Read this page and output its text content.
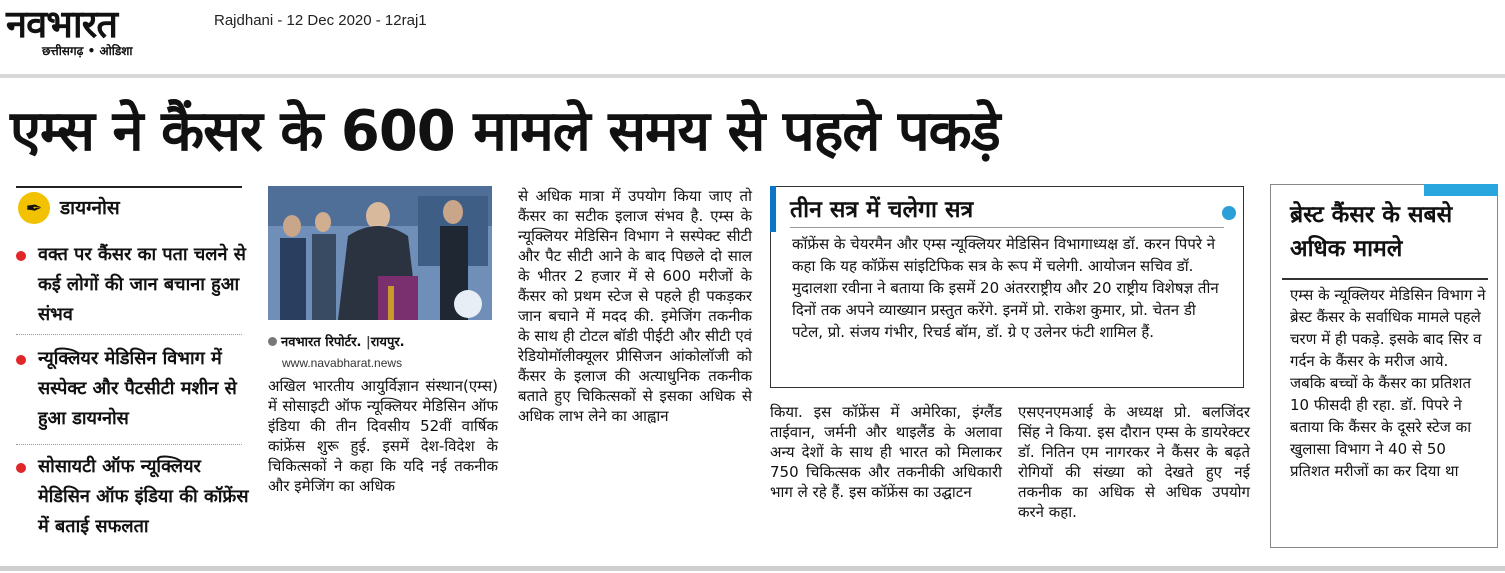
नवभारत
छत्तीसगढ़ • ओडिशा
Rajdhani - 12 Dec 2020 - 12raj1
एम्स ने कैंसर के 600 मामले समय से पहले पकड़े
✒ डायग्नोस
वक्त पर कैंसर का पता चलने से कई लोगों की जान बचाना हुआ संभव
न्यूक्लियर मेडिसिन विभाग में सस्पेक्ट और पैटसीटी मशीन से हुआ डायग्नोस
सोसायटी ऑफ न्यूक्लियर मेडिसिन ऑफ इंडिया की कॉफ्रेंस में बताई सफलता
नवभारत रिपोर्टर. |रायपुर.
www.navabharat.news

अखिल भारतीय आयुर्विज्ञान संस्थान(एम्स) में सोसाइटी ऑफ न्यूक्लियर मेडिसिन ऑफ इंडिया की तीन दिवसीय 52वीं वार्षिक कांफ्रेंस शुरू हुई. इसमें देश-विदेश के चिकित्सकों ने कहा कि यदि नई तकनीक और इमेजिंग का अधिक

से अधिक मात्रा में उपयोग किया जाए तो कैंसर का सटीक इलाज संभव है. एम्स के न्यूक्लियर मेडिसिन विभाग ने सस्पेक्ट सीटी और पैट सीटी आने के बाद पिछले दो साल के भीतर 2 हजार में से 600 मरीजों के कैंसर को प्रथम स्टेज से पहले ही पकड़कर जान बचाने में मदद की. इमेजिंग तकनीक के साथ ही टोटल बॉडी पीईटी और सीटी एवं रेडियोमॉलीक्यूलर प्रीसिजन आंकोलॉजी को कैंसर के इलाज की अत्याधुनिक तकनीक बताते हुए चिकित्सकों से इसका अधिक से अधिक लाभ लेने का आह्वान

तीन सत्र में चलेगा सत्र
कॉफ्रेंस के चेयरमैन और एम्स न्यूक्लियर मेडिसिन विभागाध्यक्ष डॉ. करन पिपरे ने कहा कि यह कॉफ्रेंस सांइटिफिक सत्र के रूप में चलेगी. आयोजन सचिव डॉ. मुदालशा रवीना ने बताया कि इसमें 20 अंतरराष्ट्रीय और 20 राष्ट्रीय विशेषज्ञ तीन दिनों तक अपने व्याख्यान प्रस्तुत करेंगे. इनमें प्रो. राकेश कुमार, प्रो. चेतन डी पटेल, प्रो. संजय गंभीर, रिचर्ड बॉम, डॉ. ग्रे ए उलेनर फंटी शामिल हैं.

किया. इस कॉफ्रेंस में अमेरिका, इंग्लैंड ताईवान, जर्मनी और थाइलैंड के अलावा अन्य देशों के साथ ही भारत को मिलाकर 750 चिकित्सक और तकनीकी अधिकारी भाग ले रहे हैं. इस कॉफ्रेंस का उद्घाटन

एसएनएमआई के अध्यक्ष प्रो. बलजिंदर सिंह ने किया. इस दौरान एम्स के डायरेक्टर डॉ. नितिन एम नागरकर ने कैंसर के बढ़ते रोगियों की संख्या को देखते हुए नई तकनीक का अधिक से अधिक उपयोग करने कहा.

ब्रेस्ट कैंसर के सबसे अधिक मामले
एम्स के न्यूक्लियर मेडिसिन विभाग ने ब्रेस्ट कैंसर के सर्वाधिक मामले पहले चरण में ही पकड़े. इसके बाद सिर व गर्दन के कैंसर के मरीज आये. जबकि बच्चों के कैंसर का प्रतिशत 10 फीसदी ही रहा. डॉ. पिपरे ने बताया कि कैंसर के दूसरे स्टेज का खुलासा विभाग ने 40 से 50 प्रतिशत मरीजों का कर दिया था
